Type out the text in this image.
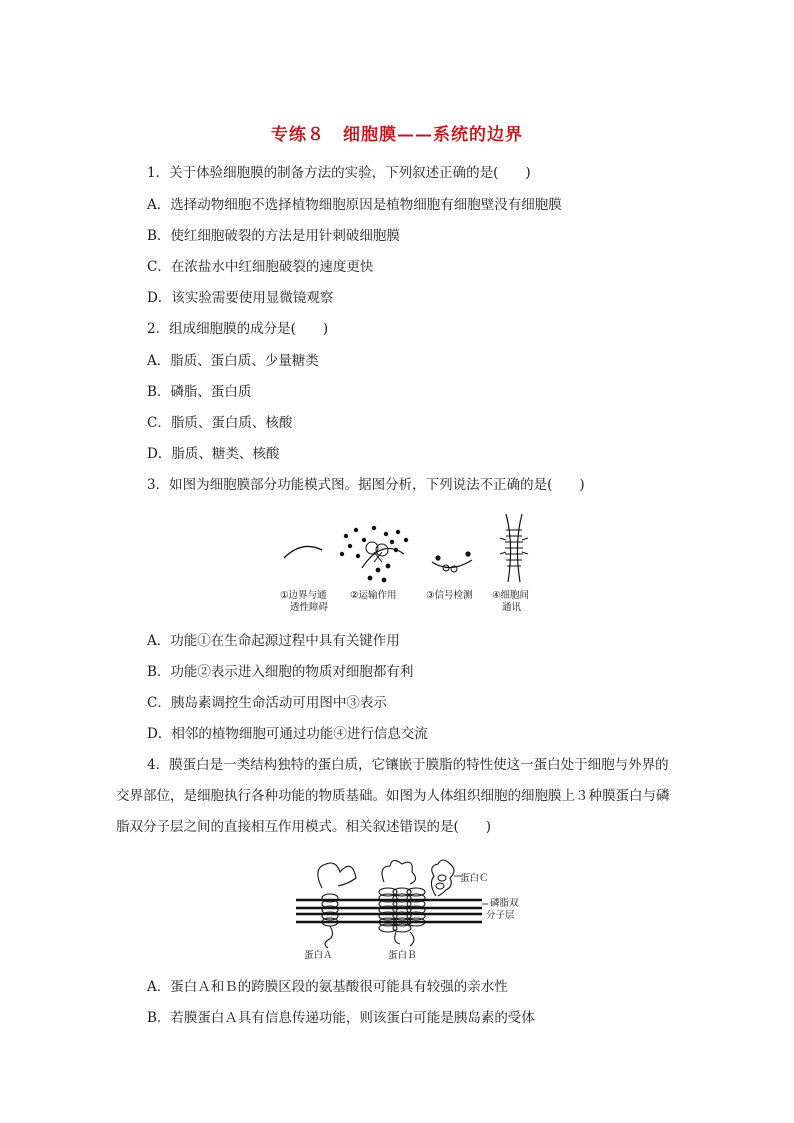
专练８　细胞膜——系统的边界
1．关于体验细胞膜的制备方法的实验，下列叙述正确的是(　　)
A．选择动物细胞不选择植物细胞原因是植物细胞有细胞壁没有细胞膜
B．使红细胞破裂的方法是用针刺破细胞膜
C．在浓盐水中红细胞破裂的速度更快
D．该实验需要使用显微镜观察
2．组成细胞膜的成分是(　　)
A．脂质、蛋白质、少量糖类
B．磷脂、蛋白质
C．脂质、蛋白质、核酸
D．脂质、糖类、核酸
3．如图为细胞膜部分功能模式图。据图分析，下列说法不正确的是(　　)
①边界与通
透性障碍
②运输作用	③信号检测 ④细胞间
通讯
A．功能①在生命起源过程中具有关键作用
B．功能②表示进入细胞的物质对细胞都有利
C．胰岛素调控生命活动可用图中③表示
D．相邻的植物细胞可通过功能④进行信息交流
4．膜蛋白是一类结构独特的蛋白质，它镶嵌于膜脂的特性使这一蛋白处于细胞与外界的交界部位，是细胞执行各种功能的物质基础。如图为人体组织细胞的细胞膜上３种膜蛋白与磷脂双分子层之间的直接相互作用模式。相关叙述错误的是(　　)
蛋白Ｃ
磷脂双
分子层
蛋白Ａ	蛋白Ｂ
A．蛋白Ａ和Ｂ的跨膜区段的氨基酸很可能具有较强的亲水性
B．若膜蛋白Ａ具有信息传递功能，则该蛋白可能是胰岛素的受体
